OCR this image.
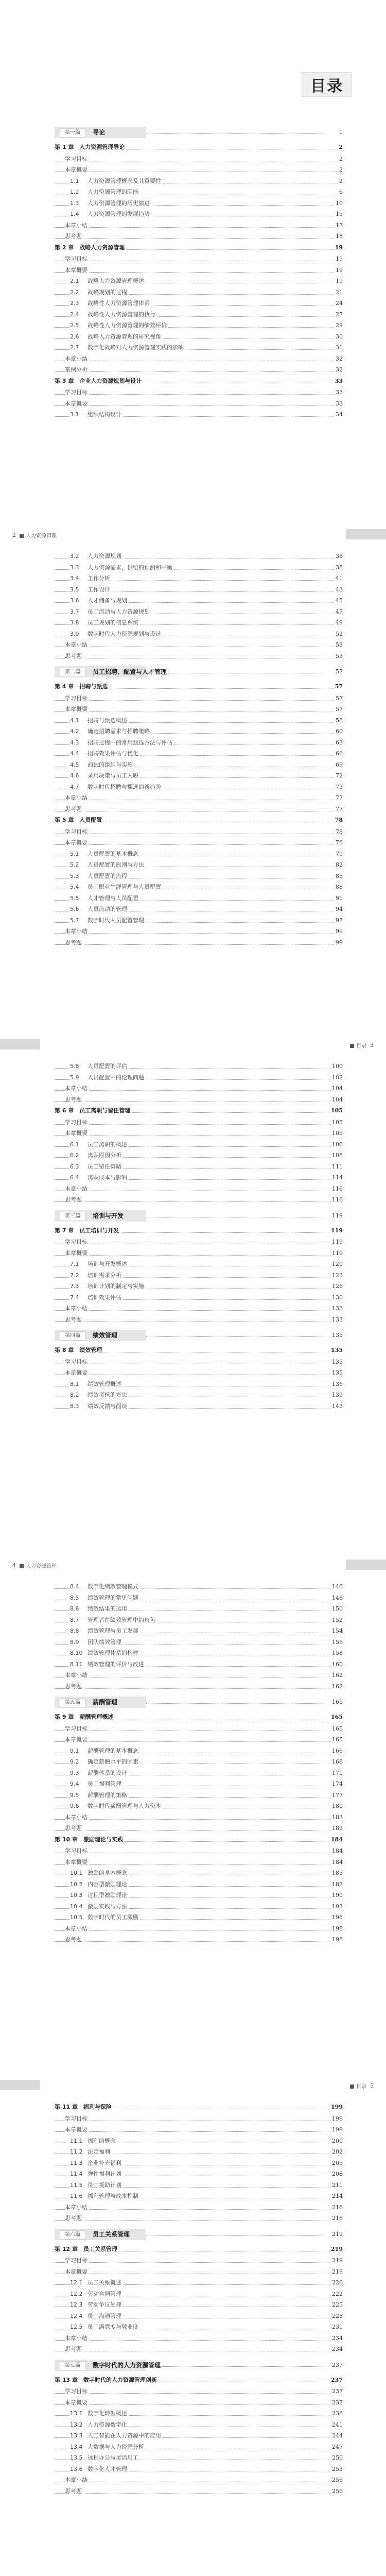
目录
第一篇	导论	1
第 1 章　人力资源管理导论	2
学习目标	2
本章概要	2
1.1 人力资源管理概念及其重要性	2
1.2 人力资源管理的职能	6
1.3 人力资源管理的历史演进	10
1.4 人力资源管理的发展趋势	15
本章小结	17
思考题	18
第 2 章　战略人力资源管理	19
学习目标	19
本章概要	19
2.1 战略人力资源管理概述	19
2.2 战略规划的过程	21
2.3 战略性人力资源管理体系	24
2.4 战略性人力资源管理的执行	27
2.5 战略性人力资源管理的绩效评价	29
2.6 战略人力资源管理的研究视角	30
2.7 数字化战略对人力资源管理实践的影响	31
本章小结	32
案例分析	32
第 3 章　企业人力资源规划与设计	33
学习目标	33
本章概要	33
3.1 组织结构设计	34
2	人力资源管理
3.2 人力资源规划	36
3.3 人力资源需求、供给的预测和平衡	38
3.4 工作分析	41
3.5 工作设计	43
3.6 人才储备与规划	45
3.7 员工流动与人力资源规划	47
3.8 员工规划的信息系统	49
3.9 数字时代人力资源规划与设计	52
本章小结	53
思考题	53
第二篇	员工招聘、配置与人才管理	57
第 4 章　招聘与甄选	57
学习目标	57
本章概要	57
4.1 招聘与甄选概述	58
4.2 确定招聘需求与招聘策略	60
4.3 招聘过程中的常用甄选方法与评估	63
4.4 招聘效果评估与优化	66
4.5 面试的组织与实施	69
4.6 录用决策与员工入职	72
4.7 数字时代招聘与甄选的新趋势	75
本章小结	77
思考题	77
第 5 章　人员配置	78
学习目标	78
本章概要	78
5.1 人员配置的基本概念	79
5.2 人员配置的原则与方法	82
5.3 人员配置的流程	85
5.4 员工职业生涯管理与人员配置	88
5.5 人才管理与人员配置	91
5.6 人员流动的管理	94
5.7 数字时代人员配置管理	97
本章小结	99
思考题	99
3
目录
5.8 人员配置的评估	100
5.9 人员配置中的伦理问题	102
本章小结	104
思考题	104
第 6 章　员工离职与留任管理	105
学习目标	105
本章概要	105
6.1 员工离职的概述	106
6.2 离职原因分析	108
6.3 员工留任策略	111
6.4 离职成本与影响	114
本章小结	116
思考题	116
第三篇	培训与开发	119
第 7 章　员工培训与开发	119
学习目标	119
本章概要	119
7.1 培训与开发概述	120
7.2 培训需求分析	123
7.3 培训计划的制定与实施	126
7.4 培训效果评估	130
本章小结	133
思考题	133
第四篇	绩效管理	135
第 8 章　绩效管理	135
学习目标	135
本章概要	135
8.1 绩效管理概述	136
8.2 绩效考核的方法	139
8.3 绩效反馈与面谈	143
4	人力资源管理
8.4 数字化绩效管理模式	146
8.5 绩效管理的常见问题	148
8.6 绩效结果的运用	150
8.7 管理者在绩效管理中的角色	152
8.8 绩效管理与员工发展	154
8.9 团队绩效管理	156
8.10 绩效管理体系的构建	158
8.11 绩效管理的评价与改进	160
本章小结	162
思考题	162
第五篇	薪酬管理	165
第 9 章　薪酬管理概述	165
学习目标	165
本章概要	165
9.1 薪酬管理的基本概念	166
9.2 确定薪酬水平的因素	168
9.3 薪酬体系的设计	171
9.4 员工福利管理	174
9.5 薪酬管理的策略	177
9.6 数字时代薪酬管理与人力资本	180
本章小结	183
思考题	183
第 10 章　激励理论与实践	184
学习目标	184
本章概要	184
10.1 激励的基本概念	185
10.2 内容型激励理论	187
10.3 过程型激励理论	190
10.4 激励实践与方法	193
10.5 数字时代的员工激励	196
本章小结	198
思考题	198
5
目录
第 11 章　福利与保险	199
学习目标	199
本章概要	199
11.1 福利的概念	200
11.2 法定福利	202
11.3 企业补充福利	205
11.4 弹性福利计划	208
11.5 员工援助计划	211
11.6 福利管理与成本控制	214
本章小结	216
思考题	216
第六篇	员工关系管理	219
第 12 章　员工关系管理	219
学习目标	219
本章概要	219
12.1 员工关系概述	220
12.2 劳动合同管理	222
12.3 劳动争议处理	225
12.4 员工沟通管理	228
12.5 员工满意度与敬业度	231
本章小结	234
思考题	234
第七篇	数字时代的人力资源管理	237
第 13 章　数字时代的人力资源管理创新	237
学习目标	237
本章概要	237
13.1 数字化转型概述	238
13.2 人力资源数字化	241
13.3 人工智能在人力资源中的应用	244
13.4 大数据与人力资源分析	247
13.5 远程办公与灵活用工	250
13.6 数字化人才管理	253
本章小结	256
思考题	256
